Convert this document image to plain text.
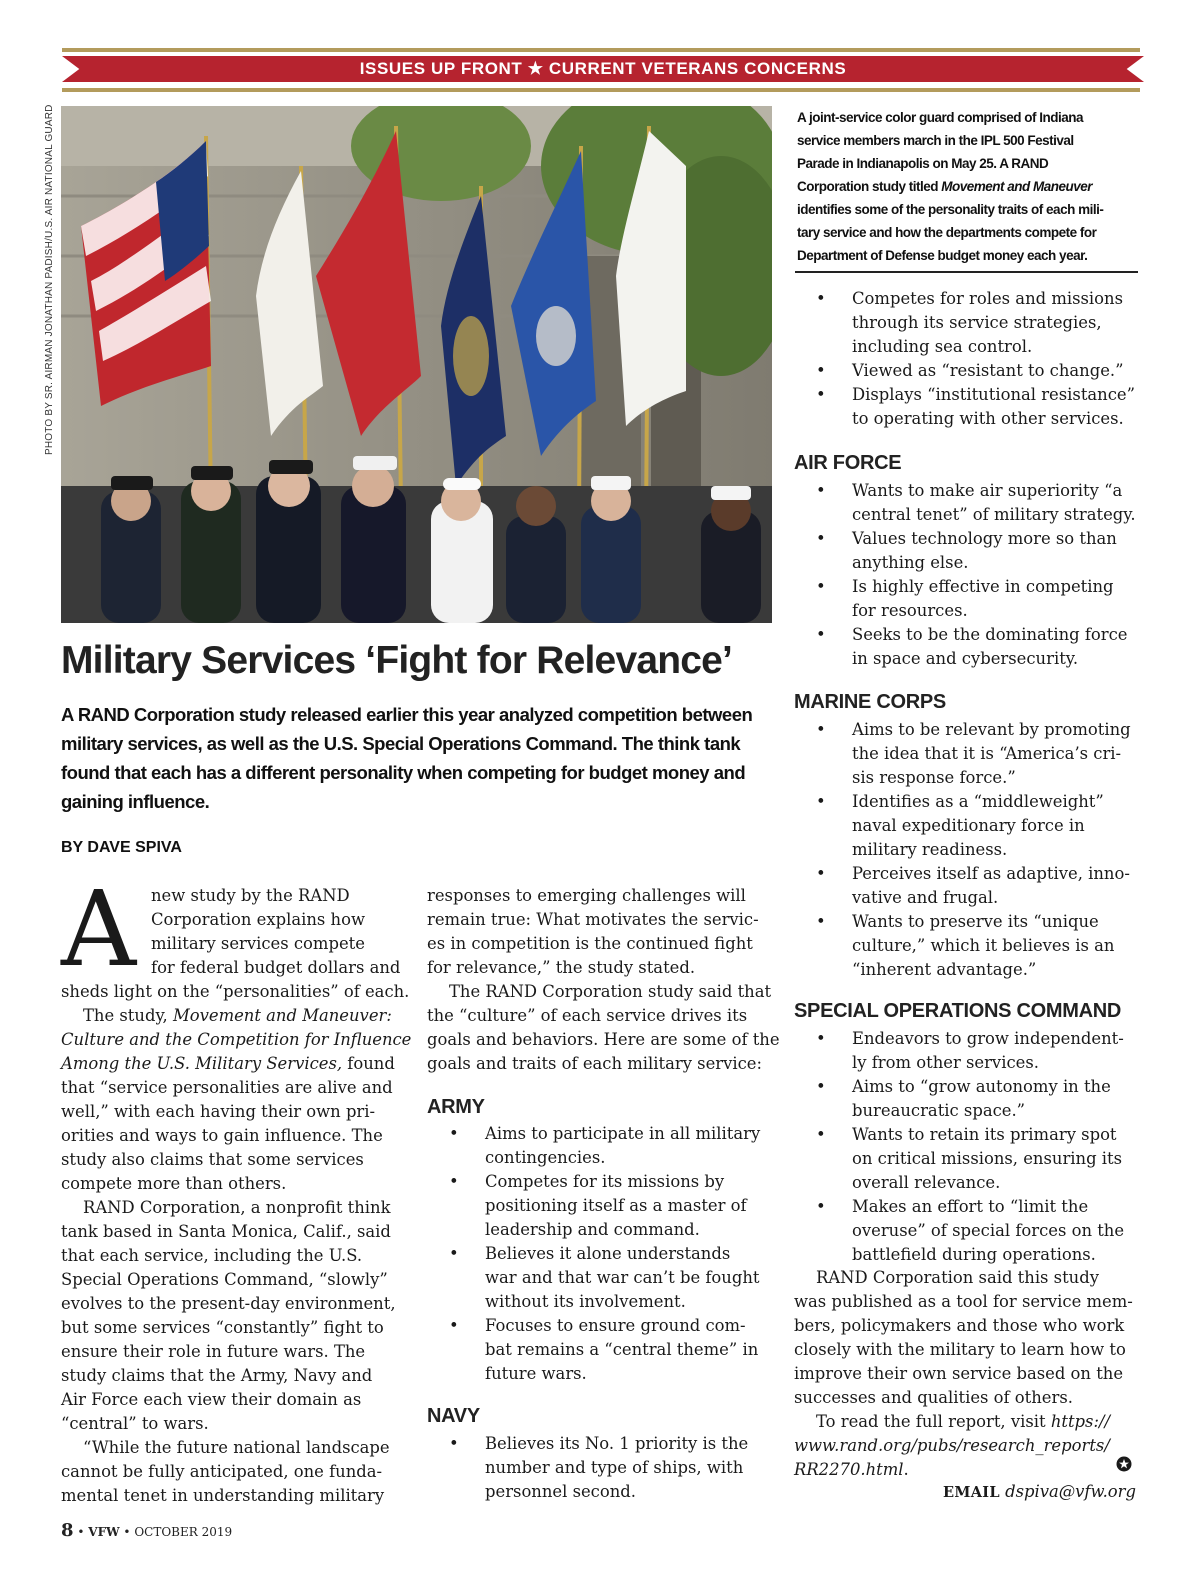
ISSUES UP FRONT ★ CURRENT VETERANS CONCERNS
PHOTO BY SR. AIRMAN JONATHAN PADISH/U.S. AIR NATIONAL GUARD	A joint-service color guard comprised of Indiana
service members march in the IPL 500 Festival
Parade in Indianapolis on May 25. A RAND
Corporation study titled Movement and Maneuver
identifies some of the personality traits of each mili-
tary service and how the departments compete for
Department of Defense budget money each year.
Military Services ‘Fight for Relevance’

A RAND Corporation study released earlier this year analyzed competition between military services, as well as the U.S. Special Operations Command. The think tank found that each has a different personality when competing for budget money and gaining influence.

BY DAVE SPIVA
A new study by the RAND
Corporation explains how
military services compete
for federal budget dollars and
sheds light on the “personalities” of each.
The study, Movement and Maneuver:
Culture and the Competition for Influence
Among the U.S. Military Services, found
that “service personalities are alive and
well,” with each having their own pri-
orities and ways to gain influence. The
study also claims that some services
compete more than others.
RAND Corporation, a nonprofit think
tank based in Santa Monica, Calif., said
that each service, including the U.S.
Special Operations Command, “slowly”
evolves to the present-day environment,
but some services “constantly” fight to
ensure their role in future wars. The
study claims that the Army, Navy and
Air Force each view their domain as
“central” to wars.
“While the future national landscape
cannot be fully anticipated, one funda-
mental tenet in understanding military
responses to emerging challenges will
remain true: What motivates the servic-
es in competition is the continued fight
for relevance,” the study stated.
The RAND Corporation study said that
the “culture” of each service drives its
goals and behaviors. Here are some of the
goals and traits of each military service:
ARMY
• Aims to participate in all military
contingencies.
• Competes for its missions by
positioning itself as a master of
leadership and command.
• Believes it alone understands
war and that war can’t be fought
without its involvement.
• Focuses to ensure ground com-
bat remains a “central theme” in
future wars.
NAVY
• Believes its No. 1 priority is the
number and type of ships, with
personnel second.
• Competes for roles and missions
through its service strategies,
including sea control.
• Viewed as “resistant to change.”
• Displays “institutional resistance”
to operating with other services.
AIR FORCE
• Wants to make air superiority “a
central tenet” of military strategy.
• Values technology more so than
anything else.
• Is highly effective in competing
for resources.
• Seeks to be the dominating force
in space and cybersecurity.
MARINE CORPS
• Aims to be relevant by promoting
the idea that it is “America’s cri-
sis response force.”
• Identifies as a “middleweight”
naval expeditionary force in
military readiness.
• Perceives itself as adaptive, inno-
vative and frugal.
• Wants to preserve its “unique
culture,” which it believes is an
“inherent advantage.”
SPECIAL OPERATIONS COMMAND
• Endeavors to grow independent-
ly from other services.
• Aims to “grow autonomy in the
bureaucratic space.”
• Wants to retain its primary spot
on critical missions, ensuring its
overall relevance.
• Makes an effort to “limit the
overuse” of special forces on the
battlefield during operations.
RAND Corporation said this study
was published as a tool for service mem-
bers, policymakers and those who work
closely with the military to learn how to
improve their own service based on the
successes and qualities of others.
To read the full report, visit https://
www.rand.org/pubs/research_reports/
RR2270.html.
EMAIL dspiva@vfw.org
8 • VFW • OCTOBER 2019
